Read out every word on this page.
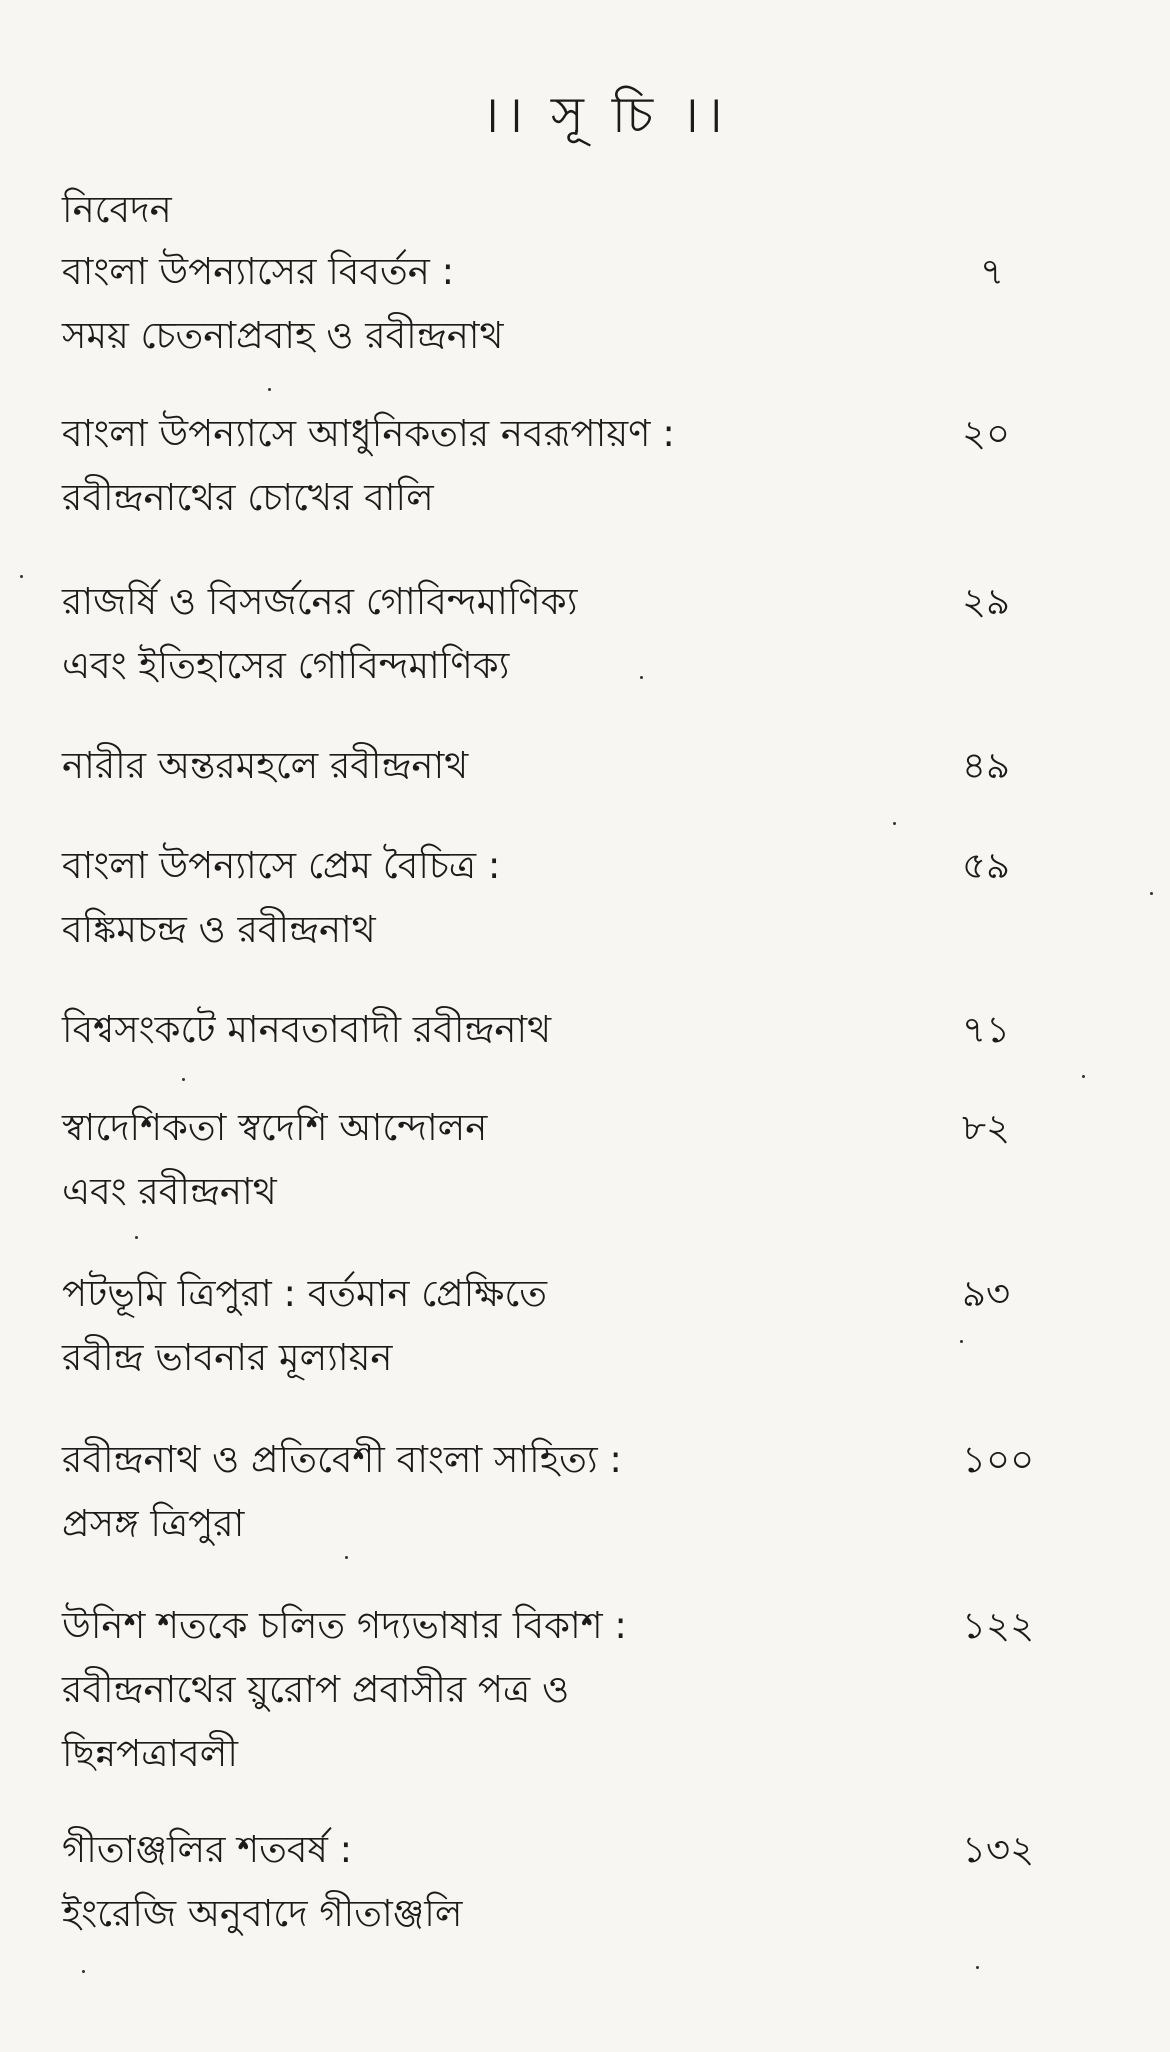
।। সূ চি ।।
নিবেদন
বাংলা উপন্যাসের বিবর্তন :
সময় চেতনাপ্রবাহ ও রবীন্দ্রনাথ
৭
বাংলা উপন্যাসে আধুনিকতার নবরূপায়ণ :
রবীন্দ্রনাথের চোখের বালি
২০
রাজর্ষি ও বিসর্জনের গোবিন্দমাণিক্য
এবং ইতিহাসের গোবিন্দমাণিক্য
২৯
নারীর অন্তরমহলে রবীন্দ্রনাথ	৪৯
বাংলা উপন্যাসে প্রেম বৈচিত্র :
বঙ্কিমচন্দ্র ও রবীন্দ্রনাথ
৫৯
বিশ্বসংকটে মানবতাবাদী রবীন্দ্রনাথ	৭১
স্বাদেশিকতা স্বদেশি আন্দোলন
এবং রবীন্দ্রনাথ
৮২
পটভূমি ত্রিপুরা : বর্তমান প্রেক্ষিতে
রবীন্দ্র ভাবনার মূল্যায়ন
৯৩
রবীন্দ্রনাথ ও প্রতিবেশী বাংলা সাহিত্য :
প্রসঙ্গ ত্রিপুরা
১০০
উনিশ শতকে চলিত গদ্যভাষার বিকাশ :
রবীন্দ্রনাথের য়ুরোপ প্রবাসীর পত্র ও
ছিন্নপত্রাবলী
১২২
গীতাঞ্জলির শতবর্ষ :
ইংরেজি অনুবাদে গীতাঞ্জলি
১৩২
